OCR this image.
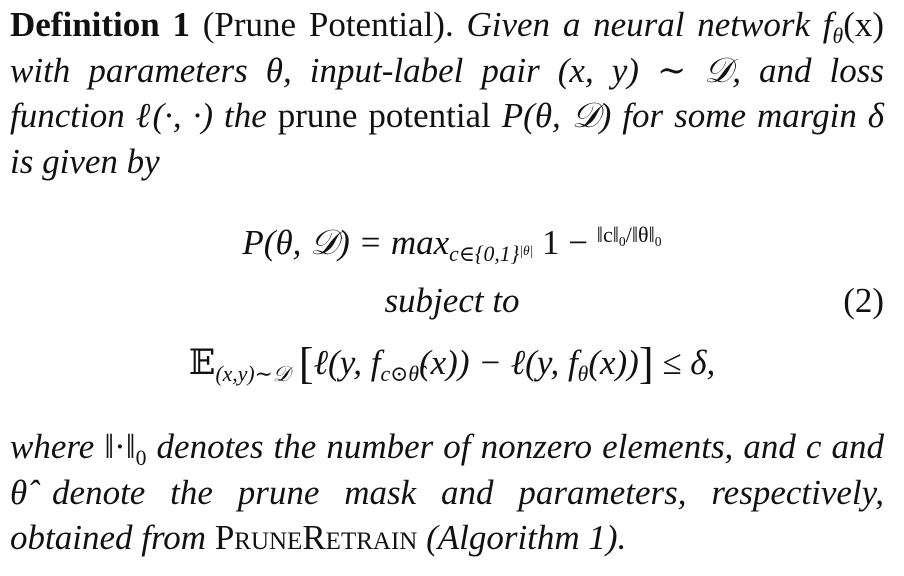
Definition 1 (Prune Potential). Given a neural network $f_\theta(x)$ with parameters θ, input-label pair (x, y) ∼ 𝒟, and loss function ℓ(·, ·) the prune potential P(θ, 𝒟) for some margin δ is given by
P(θ, 𝒟) = $\max_{c\in\{0,1\}^{|\theta|}} 1 - ^{‖c‖_0/‖\theta‖_0}$
subject to	(2)
𝔼$_{(x,y)\sim 𝒟}$ [ℓ(y, $f_{c⊙\thetâ}(x)$) − ℓ(y, $f_\theta(x))] \le \delta$,
where $‖\cdot‖_0$ denotes the number of nonzero elements, and c and θ̂ denote the prune mask and parameters, respectively, obtained from PruneRetrain (Algorithm 1).
